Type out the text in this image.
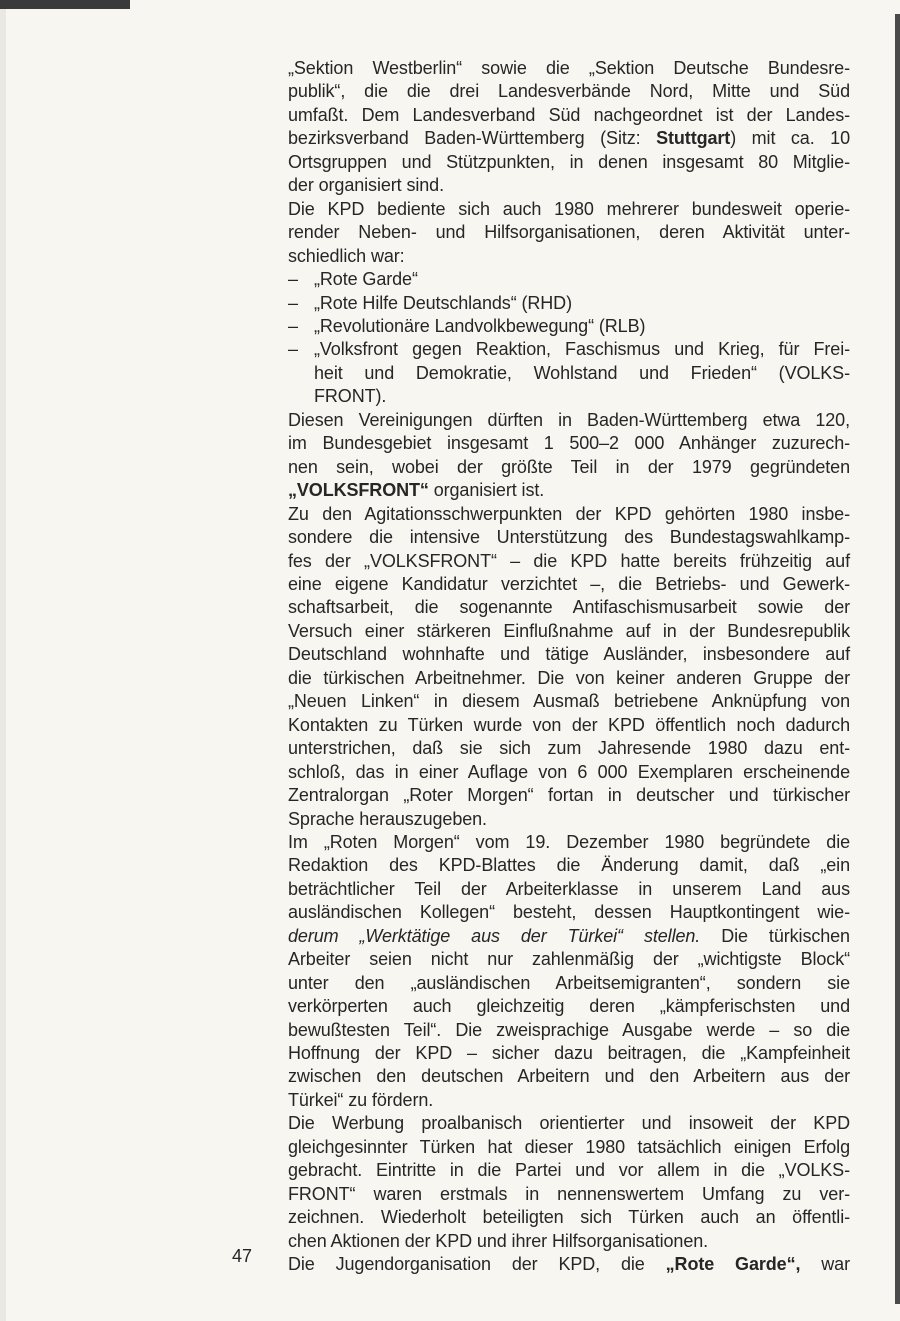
„Sektion Westberlin“ sowie die „Sektion Deutsche Bundesre-
publik“, die die drei Landesverbände Nord, Mitte und Süd
umfaßt. Dem Landesverband Süd nachgeordnet ist der Landes-
bezirksverband Baden-Württemberg (Sitz: Stuttgart) mit ca. 10
Ortsgruppen und Stützpunkten, in denen insgesamt 80 Mitglie-
der organisiert sind.

Die KPD bediente sich auch 1980 mehrerer bundesweit operie-
render Neben- und Hilfsorganisationen, deren Aktivität unter-
schiedlich war:

– „Rote Garde“
– „Rote Hilfe Deutschlands“ (RHD)
– „Revolutionäre Landvolkbewegung“ (RLB)
– „Volksfront gegen Reaktion, Faschismus und Krieg, für Frei-
heit und Demokratie, Wohlstand und Frieden“ (VOLKS-
FRONT).

Diesen Vereinigungen dürften in Baden-Württemberg etwa 120,
im Bundesgebiet insgesamt 1 500–2 000 Anhänger zuzurech-
nen sein, wobei der größte Teil in der 1979 gegründeten
„VOLKSFRONT“ organisiert ist.

Zu den Agitationsschwerpunkten der KPD gehörten 1980 insbe-
sondere die intensive Unterstützung des Bundestagswahlkamp-
fes der „VOLKSFRONT“ – die KPD hatte bereits frühzeitig auf
eine eigene Kandidatur verzichtet –, die Betriebs- und Gewerk-
schaftsarbeit, die sogenannte Antifaschismusarbeit sowie der
Versuch einer stärkeren Einflußnahme auf in der Bundesrepublik
Deutschland wohnhafte und tätige Ausländer, insbesondere auf
die türkischen Arbeitnehmer. Die von keiner anderen Gruppe der
„Neuen Linken“ in diesem Ausmaß betriebene Anknüpfung von
Kontakten zu Türken wurde von der KPD öffentlich noch dadurch
unterstrichen, daß sie sich zum Jahresende 1980 dazu ent-
schloß, das in einer Auflage von 6 000 Exemplaren erscheinende
Zentralorgan „Roter Morgen“ fortan in deutscher und türkischer
Sprache herauszugeben.

Im „Roten Morgen“ vom 19. Dezember 1980 begründete die
Redaktion des KPD-Blattes die Änderung damit, daß „ein
beträchtlicher Teil der Arbeiterklasse in unserem Land aus
ausländischen Kollegen“ besteht, dessen Hauptkontingent wie-
derum „Werktätige aus der Türkei“ stellen. Die türkischen
Arbeiter seien nicht nur zahlenmäßig der „wichtigste Block“
unter den „ausländischen Arbeitsemigranten“, sondern sie
verkörperten auch gleichzeitig deren „kämpferischsten und
bewußtesten Teil“. Die zweisprachige Ausgabe werde – so die
Hoffnung der KPD – sicher dazu beitragen, die „Kampfeinheit
zwischen den deutschen Arbeitern und den Arbeitern aus der
Türkei“ zu fördern.

Die Werbung proalbanisch orientierter und insoweit der KPD
gleichgesinnter Türken hat dieser 1980 tatsächlich einigen Erfolg
gebracht. Eintritte in die Partei und vor allem in die „VOLKS-
FRONT“ waren erstmals in nennenswertem Umfang zu ver-
zeichnen. Wiederholt beteiligten sich Türken auch an öffentli-
chen Aktionen der KPD und ihrer Hilfsorganisationen.

Die Jugendorganisation der KPD, die „Rote Garde“, war

47
